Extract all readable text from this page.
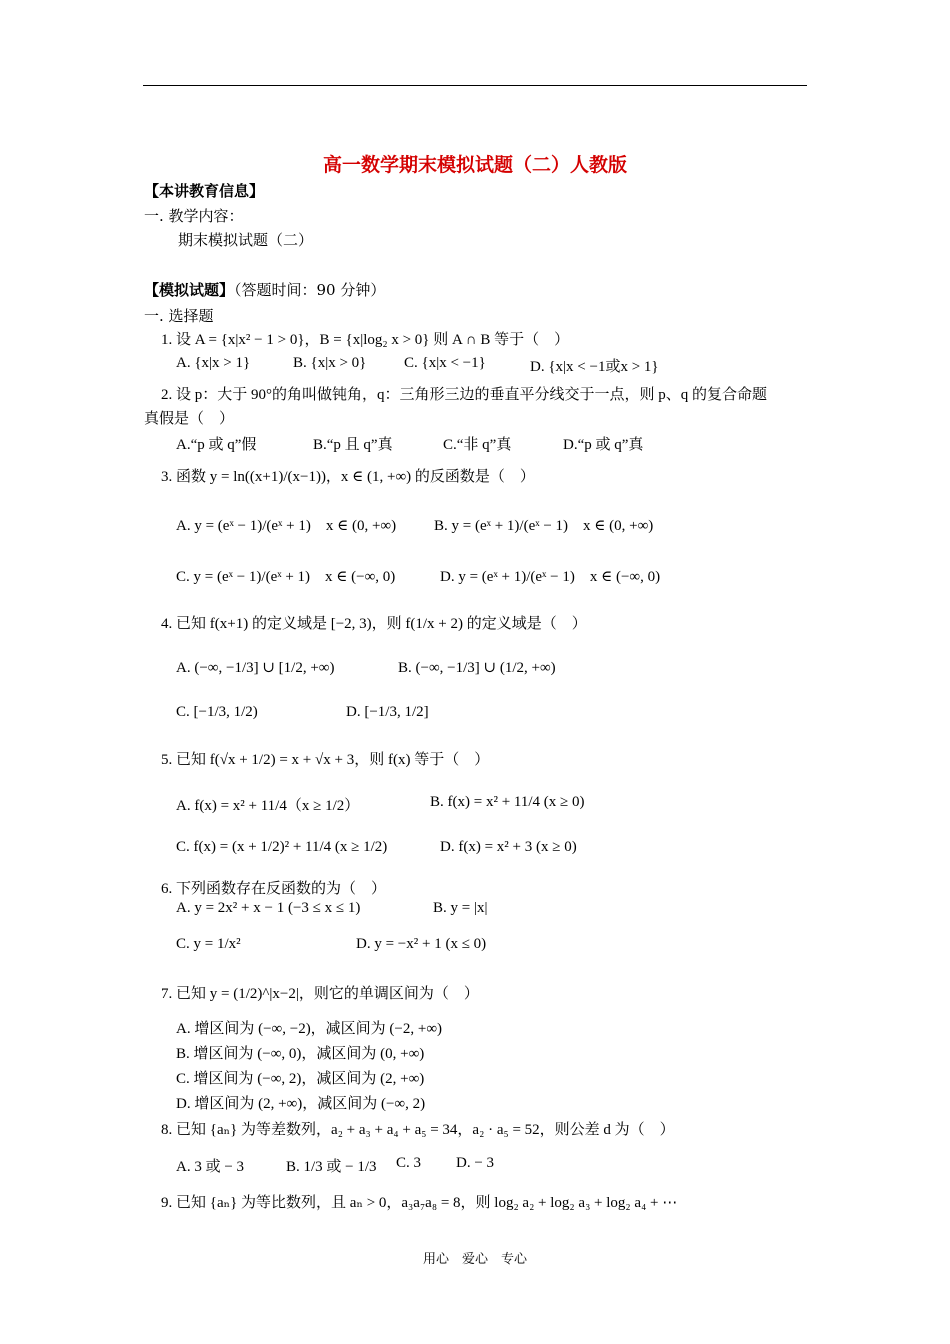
高一数学期末模拟试题（二）人教版
【本讲教育信息】
一. 教学内容：
期末模拟试题（二）
【模拟试题】（答题时间：90 分钟）
一. 选择题
1. 设 A = {x|x² − 1 > 0}，B = {x|log₂ x > 0} 则 A ∩ B 等于（　）
A. {x|x > 1}	B. {x|x > 0}	C. {x|x < −1}	D. {x|x < −1或x > 1}
2. 设 p：大于 90°的角叫做钝角，q：三角形三边的垂直平分线交于一点，则 p、q 的复合命题
真假是（　）
A.“p 或 q”假	B.“p 且 q”真	C.“非 q”真	D.“p 或 q”真
3. 函数 y = ln((x+1)/(x−1))，x ∈ (1, +∞) 的反函数是（　）
A. y = (eˣ − 1)/(eˣ + 1)　x ∈ (0, +∞)	B. y = (eˣ + 1)/(eˣ − 1)　x ∈ (0, +∞)
C. y = (eˣ − 1)/(eˣ + 1)　x ∈ (−∞, 0)	D. y = (eˣ + 1)/(eˣ − 1)　x ∈ (−∞, 0)
4. 已知 f(x+1) 的定义域是 [−2, 3)，则 f(1/x + 2) 的定义域是（　）
A. (−∞, −1/3] ∪ [1/2, +∞)	B. (−∞, −1/3] ∪ (1/2, +∞)
C. [−1/3, 1/2)	D. [−1/3, 1/2]
5. 已知 f(√x + 1/2) = x + √x + 3，则 f(x) 等于（　）
A. f(x) = x² + 11/4（x ≥ 1/2）	B. f(x) = x² + 11/4 (x ≥ 0)
C. f(x) = (x + 1/2)² + 11/4 (x ≥ 1/2)	D. f(x) = x² + 3 (x ≥ 0)
6. 下列函数存在反函数的为（　）
A. y = 2x² + x − 1 (−3 ≤ x ≤ 1)	B. y = |x|
C. y = 1/x²	D. y = −x² + 1 (x ≤ 0)
7. 已知 y = (1/2)^|x−2|，则它的单调区间为（　）
A. 增区间为 (−∞, −2)，减区间为 (−2, +∞)
B. 增区间为 (−∞, 0)，减区间为 (0, +∞)
C. 增区间为 (−∞, 2)，减区间为 (2, +∞)
D. 增区间为 (2, +∞)，减区间为 (−∞, 2)
8. 已知 {aₙ} 为等差数列，a₂ + a₃ + a₄ + a₅ = 34，a₂ · a₅ = 52，则公差 d 为（　）
A. 3 或 − 3	B. 1/3 或 − 1/3 C. 3 D. − 3
9. 已知 {aₙ} 为等比数列，且 aₙ > 0，a₃a₇a₈ = 8，则 log₂ a₂ + log₂ a₃ + log₂ a₄ + ⋯
用心　爱心　专心
